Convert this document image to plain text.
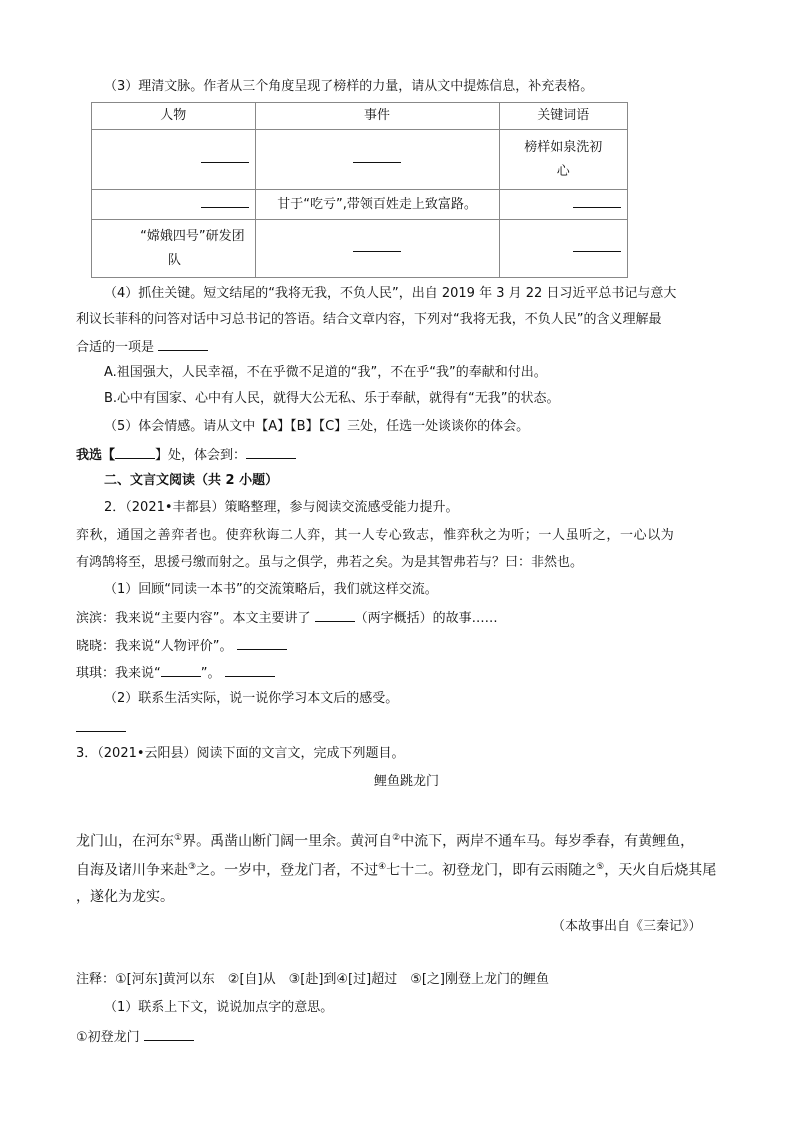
（3）理清文脉。作者从三个角度呈现了榜样的力量，请从文中提炼信息，补充表格。
人物	事件	关键词语

		榜样如泉洗初
心

	甘于“吃亏”,带领百姓走上致富路。	

“嫦娥四号”研发团
队		

（4）抓住关键。短文结尾的“我将无我，不负人民”，出自 2019 年 3 月 22 日习近平总书记与意大
利议长菲科的问答对话中习总书记的答语。结合文章内容，下列对“我将无我，不负人民”的含义理解最
合适的一项是
A.祖国强大，人民幸福，不在乎微不足道的“我”，不在乎“我”的奉献和付出。
B.心中有国家、心中有人民，就得大公无私、乐于奉献，就得有“无我”的状态。
（5）体会情感。请从文中【A】【B】【C】三处，任选一处谈谈你的体会。
我选【	】处，体会到：
二、文言文阅读（共 2 小题）
2．（2021•丰都县）策略整理，参与阅读交流感受能力提升。
弈秋，通国之善弈者也。使弈秋诲二人弈，其一人专心致志，惟弈秋之为听；一人虽听之，一心以为
有鸿鹄将至，思援弓缴而射之。虽与之俱学，弗若之矣。为是其智弗若与？曰：非然也。
（1）回顾“同读一本书”的交流策略后，我们就这样交流。
滨滨：我来说“主要内容”。本文主要讲了	（两字概括）的故事……
晓晓：我来说“人物评价”。
琪琪：我来说“	”。
（2）联系生活实际，说一说你学习本文后的感受。
3．（2021•云阳县）阅读下面的文言文，完成下列题目。
鲤鱼跳龙门
龙门山，在河东①界。禹凿山断门阔一里余。黄河自②中流下，两岸不通车马。每岁季春，有黄鲤鱼，
自海及诸川争来赴③之。一岁中，登龙门者，不过④七十二。初登龙门，即有云雨随之⑤，天火自后烧其尾
，遂化为龙实。
（本故事出自《三秦记》）
注释：①[河东]黄河以东　②[自]从　③[赴]到④[过]超过　⑤[之]刚登上龙门的鲤鱼
（1）联系上下文，说说加点字的意思。
①初登龙门
